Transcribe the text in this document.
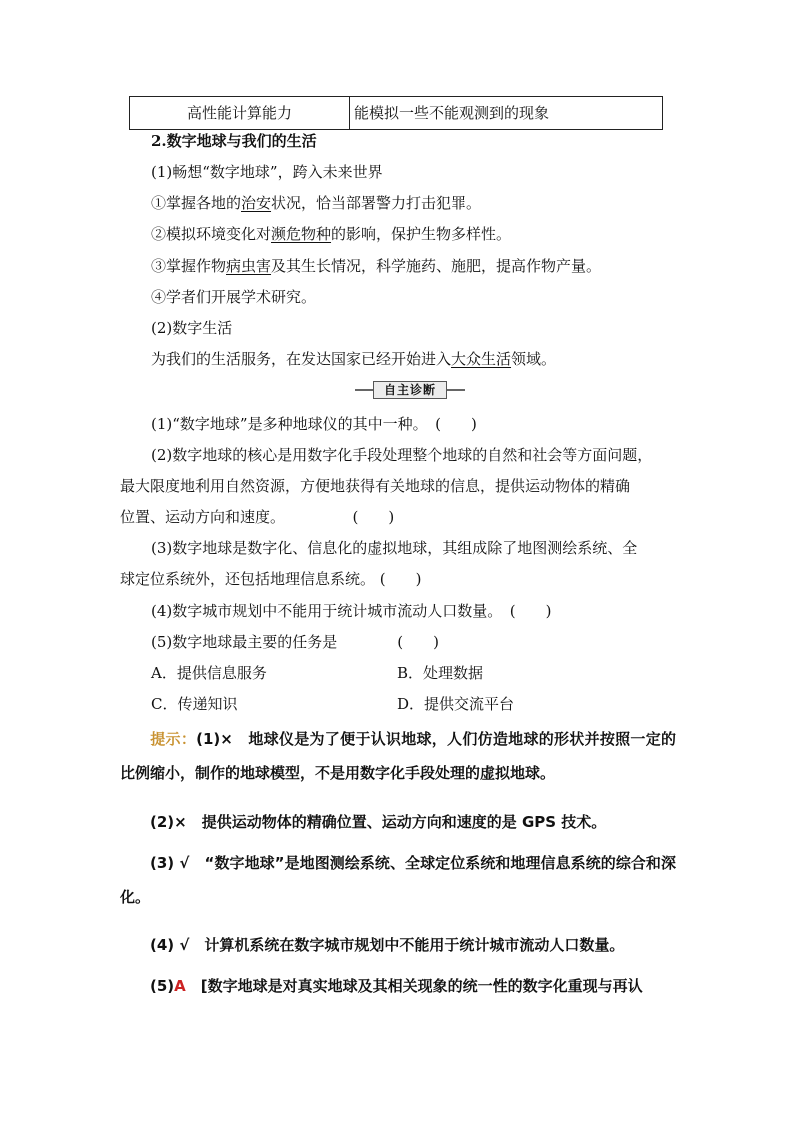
高性能计算能力	能模拟一些不能观测到的现象
2.数字地球与我们的生活
(1)畅想“数字地球”，跨入未来世界
①掌握各地的治安状况，恰当部署警力打击犯罪。
②模拟环境变化对濒危物种的影响，保护生物多样性。
③掌握作物病虫害及其生长情况，科学施药、施肥，提高作物产量。
④学者们开展学术研究。
(2)数字生活
为我们的生活服务，在发达国家已经开始进入大众生活领域。
自主诊断
(1)“数字地球”是多种地球仪的其中一种。　(　　)
(2)数字地球的核心是用数字化手段处理整个地球的自然和社会等方面问题，
最大限度地利用自然资源，方便地获得有关地球的信息，提供运动物体的精确
位置、运动方向和速度。　　　　　(　　)
(3)数字地球是数字化、信息化的虚拟地球，其组成除了地图测绘系统、全
球定位系统外，还包括地理信息系统。 (　　)
(4)数字城市规划中不能用于统计城市流动人口数量。　(　　)
(5)数字地球最主要的任务是　　　　(　　)
A．提供信息服务	B．处理数据
C．传递知识	D．提供交流平台
提示：(1)×　地球仪是为了便于认识地球，人们仿造地球的形状并按照一定的比例缩小，制作的地球模型，不是用数字化手段处理的虚拟地球。
(2)×　提供运动物体的精确位置、运动方向和速度的是 GPS 技术。
(3) √　“数字地球”是地图测绘系统、全球定位系统和地理信息系统的综合和深化。
(4) √　计算机系统在数字城市规划中不能用于统计城市流动人口数量。
(5)A　[数字地球是对真实地球及其相关现象的统一性的数字化重现与再认
